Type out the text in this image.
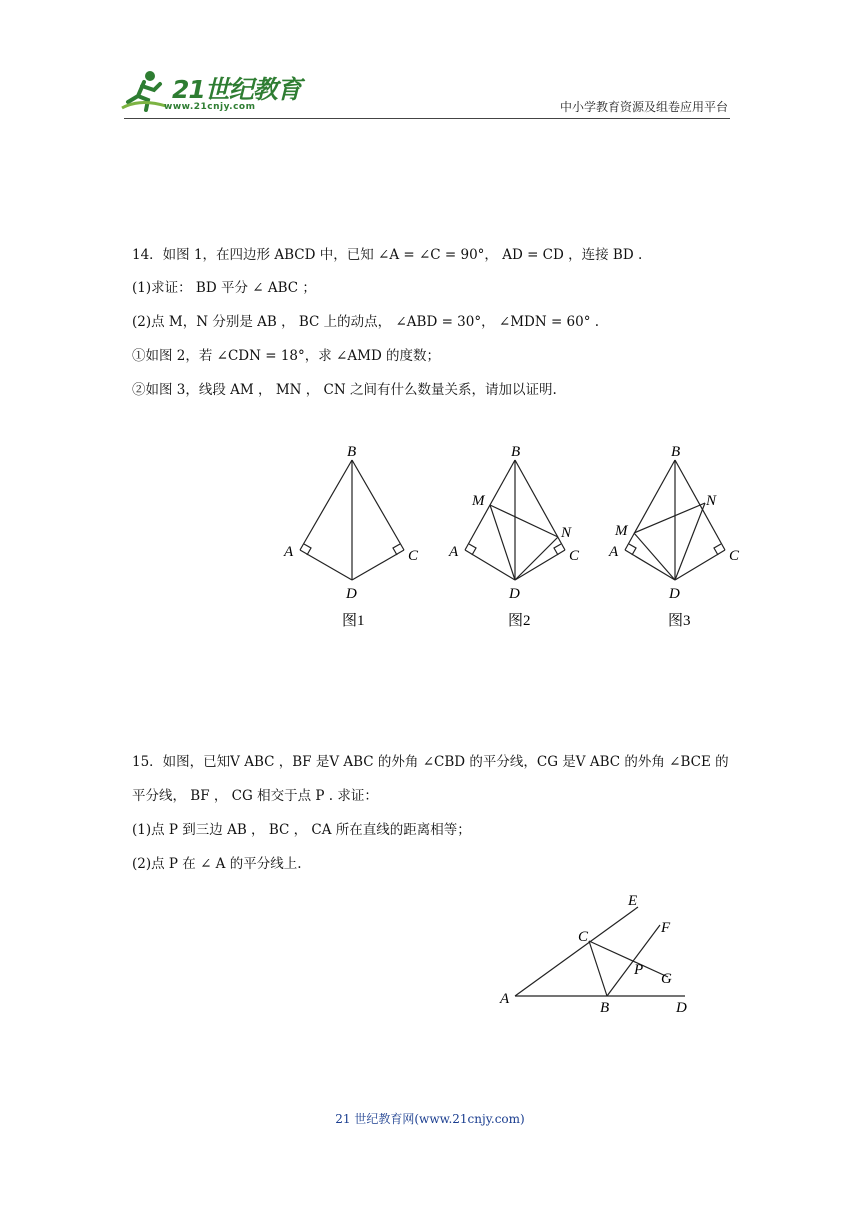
21世纪教育
www.21cnjy.com	中小学教育资源及组卷应用平台
14．如图 1，在四边形 ABCD 中，已知 ∠A = ∠C = 90°， AD = CD ，连接 BD .
(1)求证： BD 平分 ∠ ABC ；
(2)点 M，N 分别是 AB ， BC 上的动点， ∠ABD = 30°， ∠MDN = 60° .
①如图 2，若 ∠CDN = 18°，求 ∠AMD 的度数；
②如图 3，线段 AM ， MN ， CN 之间有什么数量关系，请加以证明.
B
A	C
D
图1
B
M
N
A	C
D
图2
B
M
N
A	C
D
图3
15．如图，已知V ABC ，BF 是V ABC 的外角 ∠CBD 的平分线，CG 是V ABC 的外角 ∠BCE 的
平分线， BF ， CG 相交于点 P . 求证：
(1)点 P 到三边 AB ， BC ， CA 所在直线的距离相等；
(2)点 P 在 ∠ A 的平分线上.
A
B
C
D
E
F
G
P
21 世纪教育网(www.21cnjy.com)
